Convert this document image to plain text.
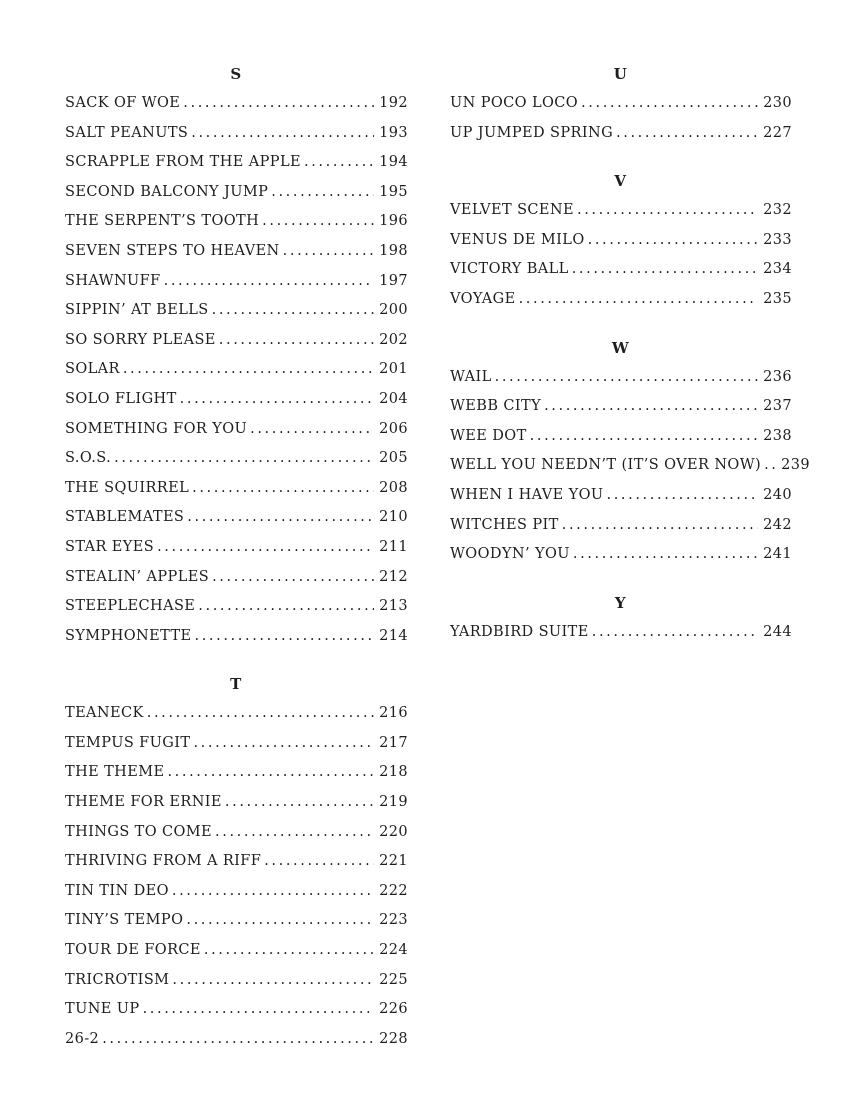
S
SACK OF WOE .....	192
SALT PEANUTS .....	193
SCRAPPLE FROM THE APPLE .....	194
SECOND BALCONY JUMP .....	195
THE SERPENT’S TOOTH .....	196
SEVEN STEPS TO HEAVEN .....	198
SHAWNUFF .....	197
SIPPIN’ AT BELLS .....	200
SO SORRY PLEASE .....	202
SOLAR .....	201
SOLO FLIGHT .....	204
SOMETHING FOR YOU .....	206
S.O.S. .....	205
THE SQUIRREL .....	208
STABLEMATES .....	210
STAR EYES .....	211
STEALIN’ APPLES .....	212
STEEPLECHASE .....	213
SYMPHONETTE .....	214
T
TEANECK .....	216
TEMPUS FUGIT .....	217
THE THEME .....	218
THEME FOR ERNIE .....	219
THINGS TO COME .....	220
THRIVING FROM A RIFF .....	221
TIN TIN DEO .....	222
TINY’S TEMPO .....	223
TOUR DE FORCE .....	224
TRICROTISM .....	225
TUNE UP .....	226
26-2 .....	228
U
UN POCO LOCO .....	230
UP JUMPED SPRING .....	227
V
VELVET SCENE .....	232
VENUS DE MILO .....	233
VICTORY BALL .....	234
VOYAGE .....	235
W
WAIL .....	236
WEBB CITY .....	237
WEE DOT .....	238
WELL YOU NEEDN’T (IT’S OVER NOW) ..... 239
WHEN I HAVE YOU .....	240
WITCHES PIT .....	242
WOODYN’ YOU .....	241
Y
YARDBIRD SUITE .....	244
